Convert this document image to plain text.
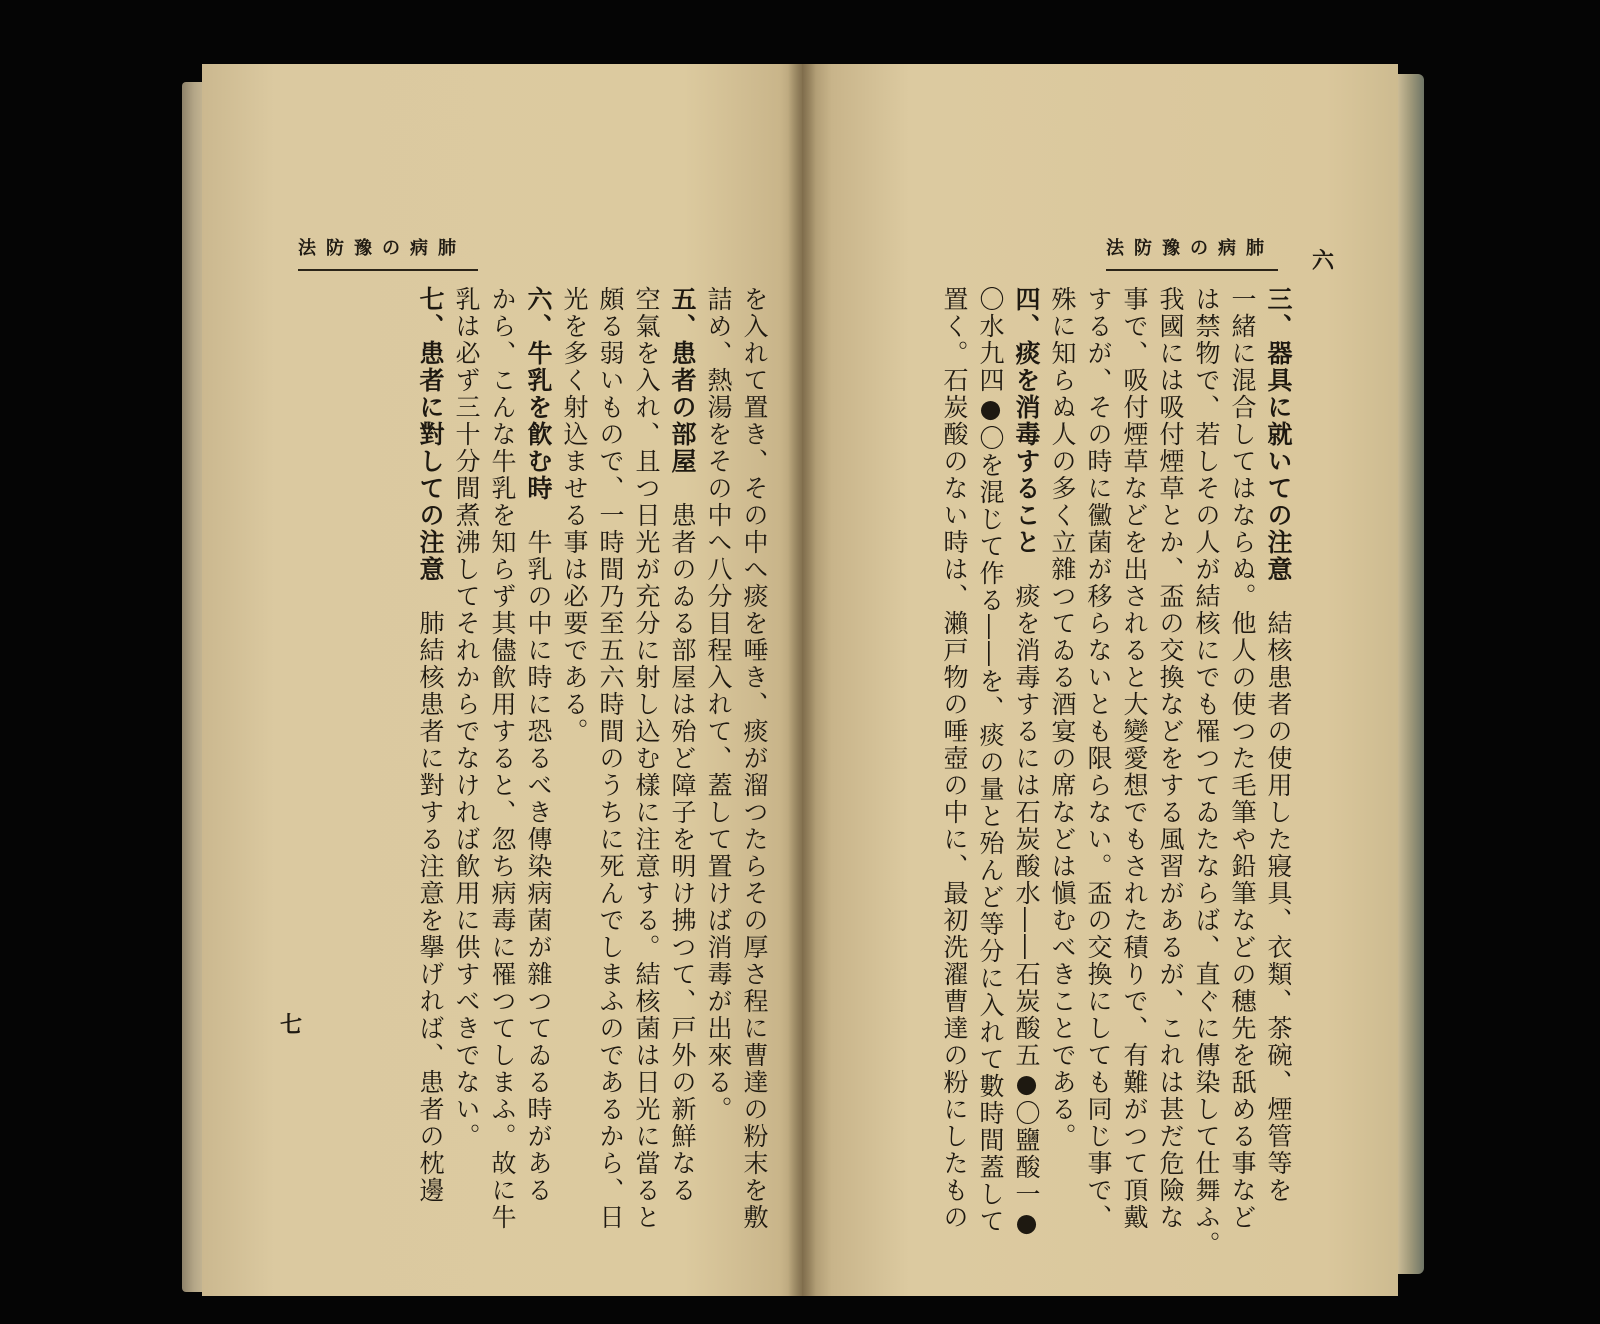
肺病の豫防法
を入れて置き、その中へ痰を唾き、痰が溜つたらその厚さ程に曹達の粉末を敷
詰め、熱湯をその中へ八分目程入れて、蓋して置けば消毒が出來る。
五、患者の部屋　患者のゐる部屋は殆ど障子を明け拂つて、戸外の新鮮なる
空氣を入れ、且つ日光が充分に射し込む樣に注意する。結核菌は日光に當ると
頗る弱いもので、一時間乃至五六時間のうちに死んでしまふのであるから、日
光を多く射込ませる事は必要である。
六、牛乳を飮む時　牛乳の中に時に恐るべき傳染病菌が雜つてゐる時がある
から、こんな牛乳を知らず其儘飮用すると、忽ち病毒に罹つてしまふ。故に牛
乳は必ず三十分間煮沸してそれからでなければ飮用に供すべきでない。
七、患者に對しての注意　肺結核患者に對する注意を擧げれば、患者の枕邊
七
肺病の豫防法
六
三、器具に就いての注意　結核患者の使用した寢具、衣類、茶碗、煙管等を
一緒に混合してはならぬ。他人の使つた毛筆や鉛筆などの穗先を舐める事など
は禁物で、若しその人が結核にでも罹つてゐたならば、直ぐに傳染して仕舞ふ。
我國には吸付煙草とか、盃の交換などをする風習があるが、これは甚だ危險な
事で、吸付煙草などを出されると大變愛想でもされた積りで、有難がつて頂戴
するが、その時に黴菌が移らないとも限らない。盃の交換にしても同じ事で、
殊に知らぬ人の多く立雜つてゐる酒宴の席などは愼むべきことである。
四、痰を消毒すること　痰を消毒するには石炭酸水――石炭酸五●〇鹽酸一●
〇水九四●〇を混じて作る――を、痰の量と殆んど等分に入れて數時間蓋して
置く。石炭酸のない時は、瀨戸物の唾壺の中に、最初洗濯曹達の粉にしたもの
